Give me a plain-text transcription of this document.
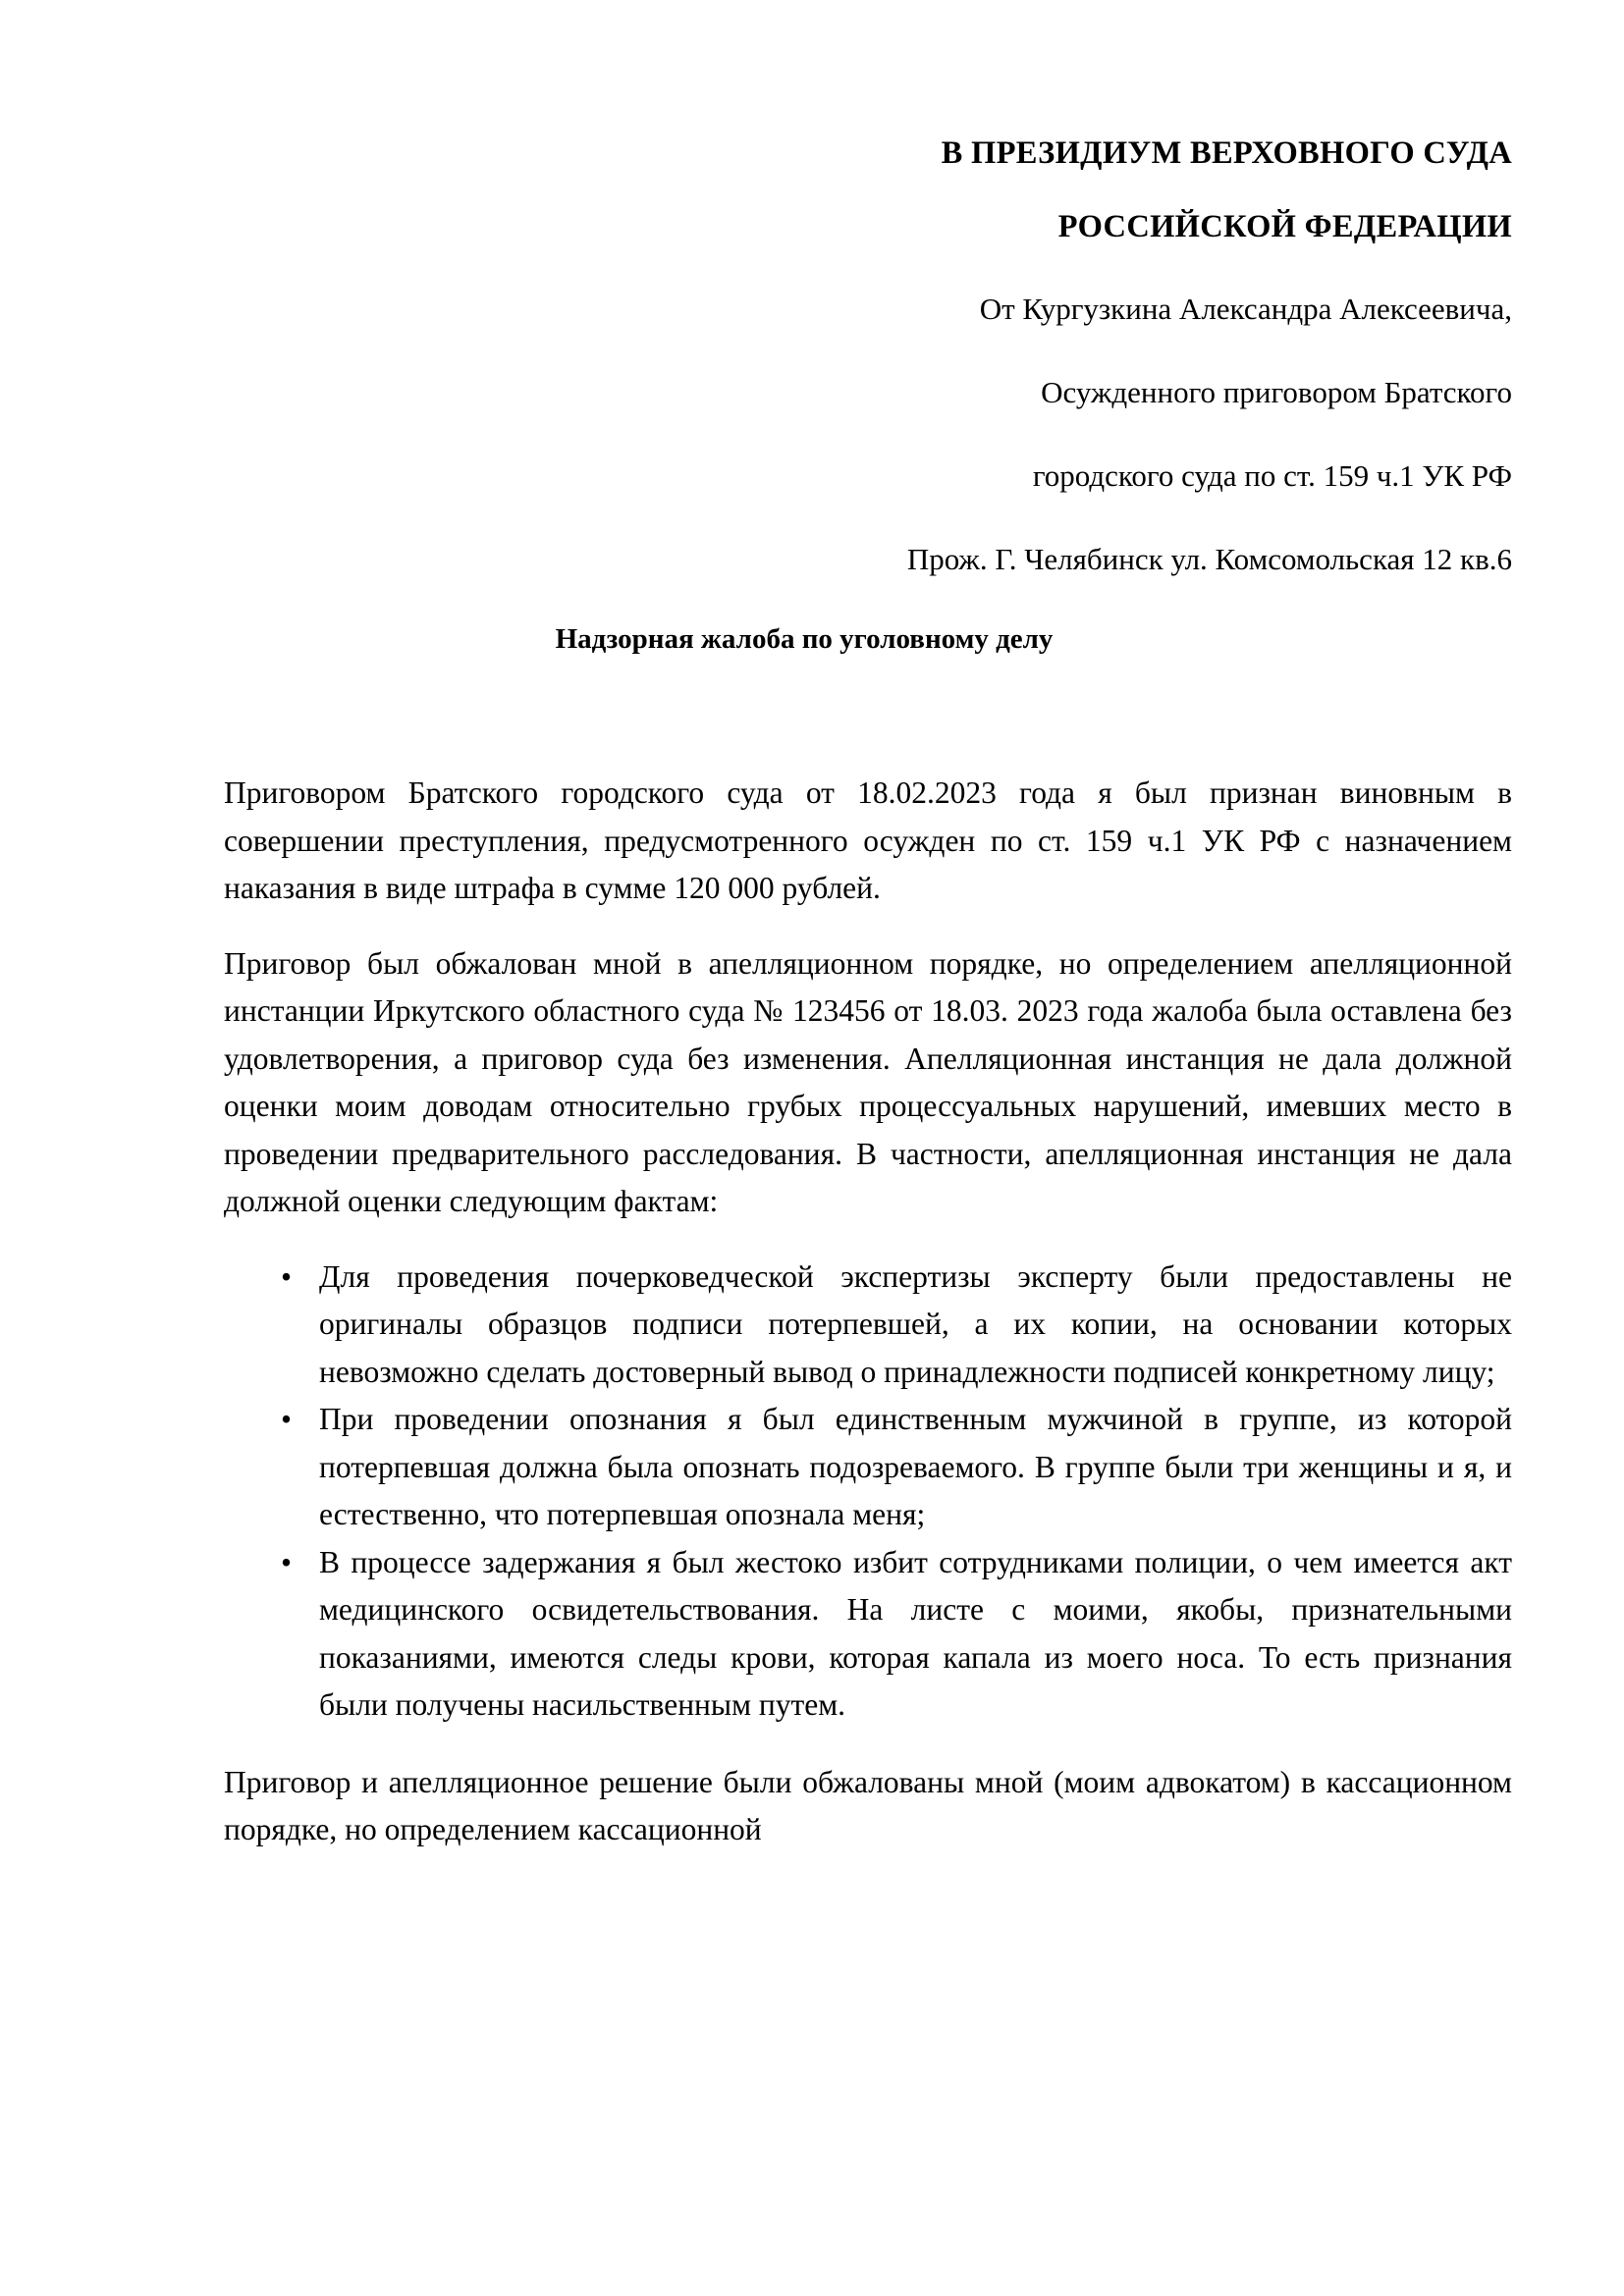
В ПРЕЗИДИУМ ВЕРХОВНОГО СУДА
РОССИЙСКОЙ ФЕДЕРАЦИИ
От Кургузкина Александра Алексеевича,
Осужденного приговором Братского
городского суда по ст. 159 ч.1 УК РФ
Прож. Г. Челябинск ул. Комсомольская 12 кв.6
Надзорная жалоба по уголовному делу

Приговором Братского городского суда от 18.02.2023 года я был признан виновным в совершении преступления, предусмотренного осужден по ст. 159 ч.1 УК РФ с назначением наказания в виде штрафа в сумме 120 000 рублей.

Приговор был обжалован мной в апелляционном порядке, но определением апелляционной инстанции Иркутского областного суда № 123456 от 18.03. 2023 года жалоба была оставлена без удовлетворения, а приговор суда без изменения. Апелляционная инстанция не дала должной оценки моим доводам относительно грубых процессуальных нарушений, имевших место в проведении предварительного расследования. В частности, апелляционная инстанция не дала должной оценки следующим фактам:

• Для проведения почерковедческой экспертизы эксперту были предоставлены не оригиналы образцов подписи потерпевшей, а их копии, на основании которых невозможно сделать достоверный вывод о принадлежности подписей конкретному лицу;
• При проведении опознания я был единственным мужчиной в группе, из которой потерпевшая должна была опознать подозреваемого. В группе были три женщины и я, и естественно, что потерпевшая опознала меня;
• В процессе задержания я был жестоко избит сотрудниками полиции, о чем имеется акт медицинского освидетельствования. На листе с моими, якобы, признательными показаниями, имеются следы крови, которая капала из моего носа. То есть признания были получены насильственным путем.

Приговор и апелляционное решение были обжалованы мной (моим адвокатом) в кассационном порядке, но определением кассационной
